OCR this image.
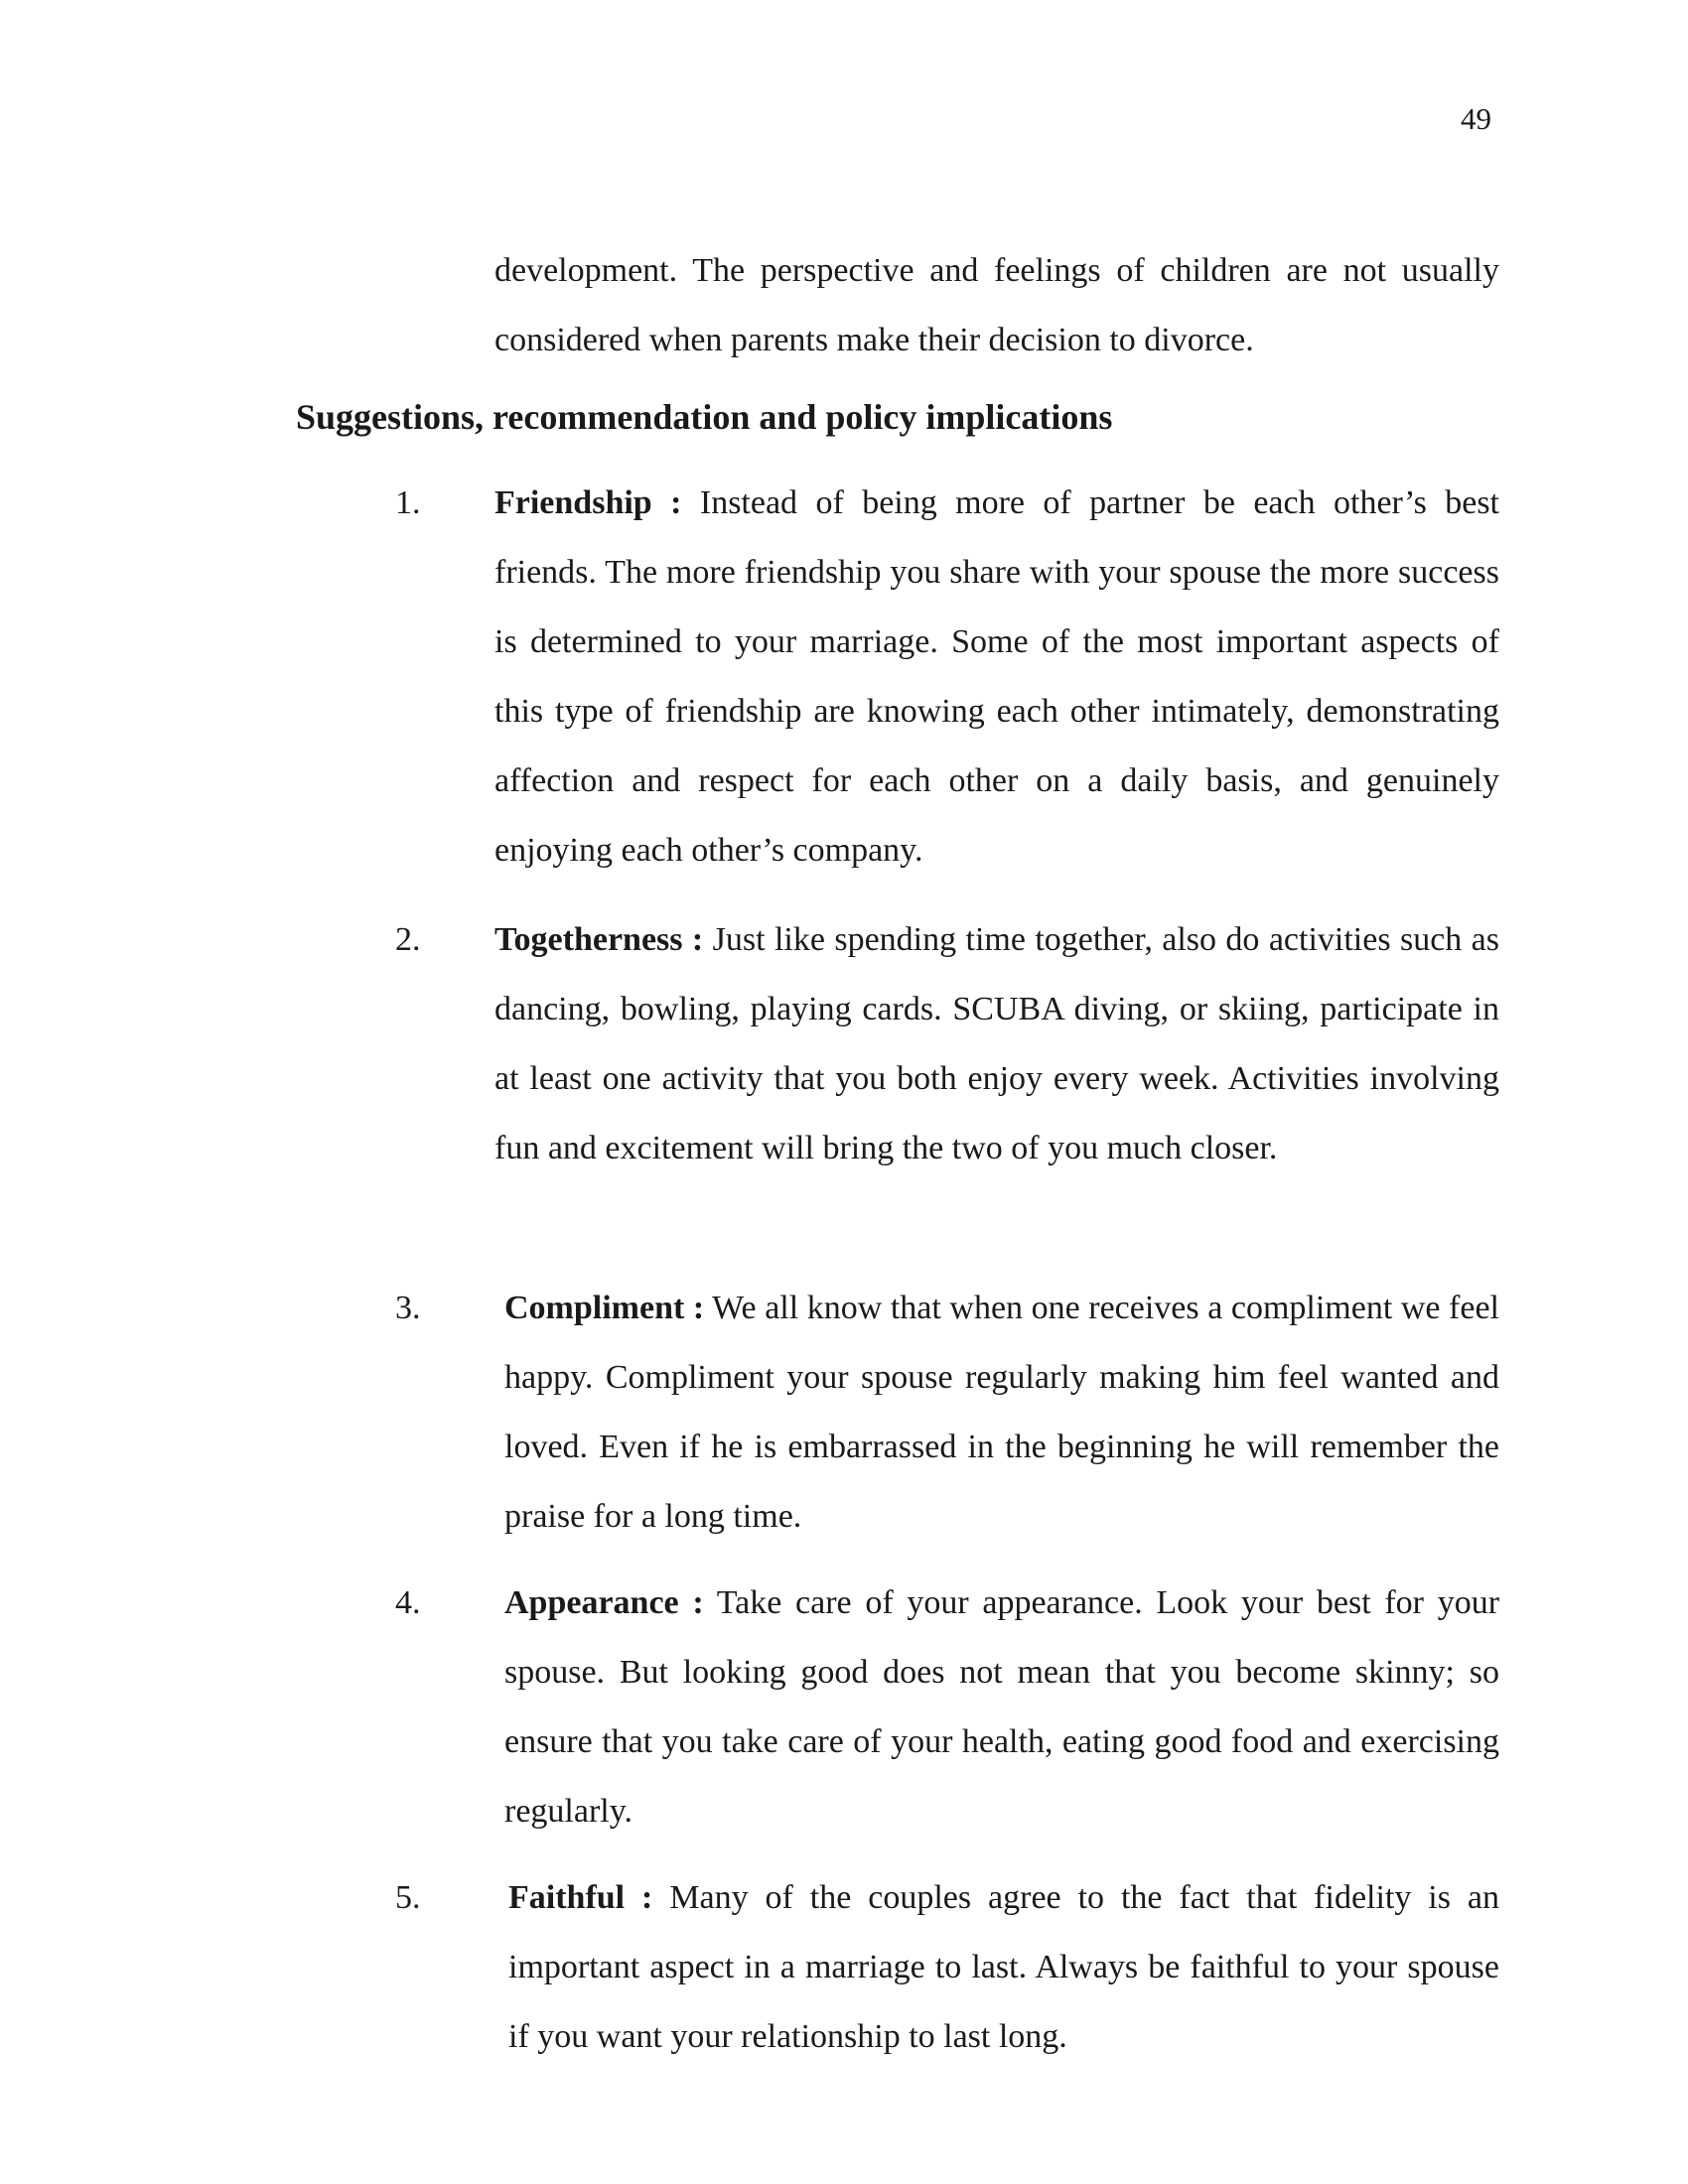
49

development. The perspective and feelings of children are not usually considered when parents make their decision to divorce.

Suggestions, recommendation and policy implications
1. Friendship : Instead of being more of partner be each other’s best friends. The more friendship you share with your spouse the more success is determined to your marriage. Some of the most important aspects of this type of friendship are knowing each other intimately, demonstrating affection and respect for each other on a daily basis, and genuinely enjoying each other’s company.

2. Togetherness : Just like spending time together, also do activities such as dancing, bowling, playing cards. SCUBA diving, or skiing, participate in at least one activity that you both enjoy every week. Activities involving fun and excitement will bring the two of you much closer.

3. Compliment : We all know that when one receives a compliment we feel happy. Compliment your spouse regularly making him feel wanted and loved. Even if he is embarrassed in the beginning he will remember the praise for a long time.

4. Appearance : Take care of your appearance. Look your best for your spouse. But looking good does not mean that you become skinny; so ensure that you take care of your health, eating good food and exercising regularly.

5.	Faithful : Many of the couples agree to the fact that fidelity is an important aspect in a marriage to last. Always be faithful to your spouse if you want your relationship to last long.
